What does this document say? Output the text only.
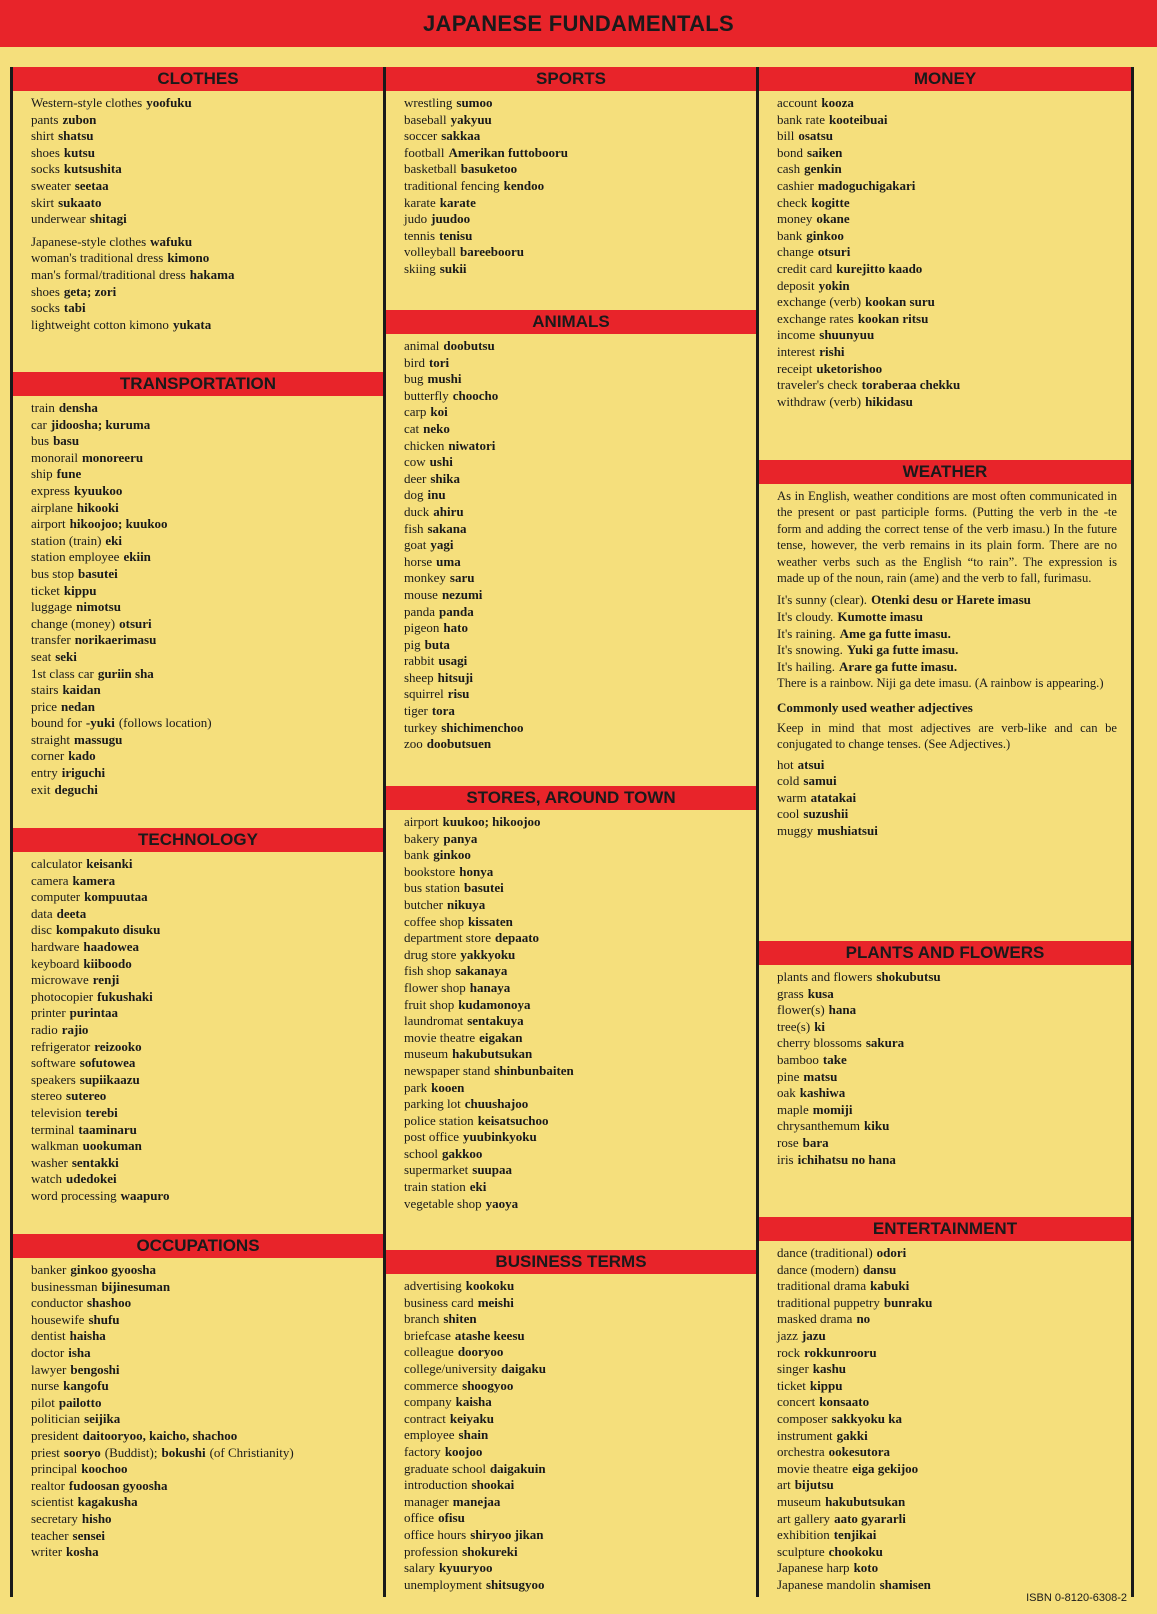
JAPANESE FUNDAMENTALS
CLOTHES
Western-style clothes yoofuku
pants zubon
shirt shatsu
shoes kutsu
socks kutsushita
sweater seetaa
skirt sukaato
underwear shitagi
Japanese-style clothes wafuku
woman's traditional dress kimono
man's formal/traditional dress hakama
shoes geta; zori
socks tabi
lightweight cotton kimono yukata
TRANSPORTATION
train densha
car jidoosha; kuruma
bus basu
monorail monoreeru
ship fune
express kyuukoo
airplane hikooki
airport hikoojoo; kuukoo
station (train) eki
station employee ekiin
bus stop basutei
ticket kippu
luggage nimotsu
change (money) otsuri
transfer norikaerimasu
seat seki
1st class car guriin sha
stairs kaidan
price nedan
bound for -yuki (follows location)
straight massugu
corner kado
entry iriguchi
exit deguchi
TECHNOLOGY
calculator keisanki
camera kamera
computer kompuutaa
data deeta
disc kompakuto disuku
hardware haadowea
keyboard kiiboodo
microwave renji
photocopier fukushaki
printer purintaa
radio rajio
refrigerator reizooko
software sofutowea
speakers supiikaazu
stereo sutereo
television terebi
terminal taaminaru
walkman uookuman
washer sentakki
watch udedokei
word processing waapuro
OCCUPATIONS
banker ginkoo gyoosha
businessman bijinesuman
conductor shashoo
housewife shufu
dentist haisha
doctor isha
lawyer bengoshi
nurse kangofu
pilot pailotto
politician seijika
president daitooryoo, kaicho, shachoo
priest sooryo (Buddist); bokushi (of Christianity)
principal koochoo
realtor fudoosan gyoosha
scientist kagakusha
secretary hisho
teacher sensei
writer kosha
SPORTS
wrestling sumoo
baseball yakyuu
soccer sakkaa
football Amerikan futtobooru
basketball basuketoo
traditional fencing kendoo
karate karate
judo juudoo
tennis tenisu
volleyball bareebooru
skiing sukii
ANIMALS
animal doobutsu
bird tori
bug mushi
butterfly choocho
carp koi
cat neko
chicken niwatori
cow ushi
deer shika
dog inu
duck ahiru
fish sakana
goat yagi
horse uma
monkey saru
mouse nezumi
panda panda
pigeon hato
pig buta
rabbit usagi
sheep hitsuji
squirrel risu
tiger tora
turkey shichimenchoo
zoo doobutsuen
STORES, AROUND TOWN
airport kuukoo; hikoojoo
bakery panya
bank ginkoo
bookstore honya
bus station basutei
butcher nikuya
coffee shop kissaten
department store depaato
drug store yakkyoku
fish shop sakanaya
flower shop hanaya
fruit shop kudamonoya
laundromat sentakuya
movie theatre eigakan
museum hakubutsukan
newspaper stand shinbunbaiten
park kooen
parking lot chuushajoo
police station keisatsuchoo
post office yuubinkyoku
school gakkoo
supermarket suupaa
train station eki
vegetable shop yaoya
BUSINESS TERMS
advertising kookoku
business card meishi
branch shiten
briefcase atashe keesu
colleague dooryoo
college/university daigaku
commerce shoogyoo
company kaisha
contract keiyaku
employee shain
factory koojoo
graduate school daigakuin
introduction shookai
manager manejaa
office ofisu
office hours shiryoo jikan
profession shokureki
salary kyuuryoo
unemployment shitsugyoo
MONEY
account kooza
bank rate kooteibuai
bill osatsu
bond saiken
cash genkin
cashier madoguchigakari
check kogitte
money okane
bank ginkoo
change otsuri
credit card kurejitto kaado
deposit yokin
exchange (verb) kookan suru
exchange rates kookan ritsu
income shuunyuu
interest rishi
receipt uketorishoo
traveler's check toraberaa chekku
withdraw (verb) hikidasu
WEATHER
As in English, weather conditions are most often communicated in the present or past participle forms. (Putting the verb in the -te form and adding the correct tense of the verb imasu.) In the future tense, however, the verb remains in its plain form. There are no weather verbs such as the English “to rain”. The expression is made up of the noun, rain (ame) and the verb to fall, furimasu.
It's sunny (clear). Otenki desu or Harete imasu
It's cloudy. Kumotte imasu
It's raining. Ame ga futte imasu.
It's snowing. Yuki ga futte imasu.
It's hailing. Arare ga futte imasu.
There is a rainbow. Niji ga dete imasu. (A rainbow is appearing.)
Commonly used weather adjectives
Keep in mind that most adjectives are verb-like and can be conjugated to change tenses. (See Adjectives.)
hot atsui
cold samui
warm atatakai
cool suzushii
muggy mushiatsui
PLANTS AND FLOWERS
plants and flowers shokubutsu
grass kusa
flower(s) hana
tree(s) ki
cherry blossoms sakura
bamboo take
pine matsu
oak kashiwa
maple momiji
chrysanthemum kiku
rose bara
iris ichihatsu no hana
ENTERTAINMENT
dance (traditional) odori
dance (modern) dansu
traditional drama kabuki
traditional puppetry bunraku
masked drama no
jazz jazu
rock rokkunrooru
singer kashu
ticket kippu
concert konsaato
composer sakkyoku ka
instrument gakki
orchestra ookesutora
movie theatre eiga gekijoo
art bijutsu
museum hakubutsukan
art gallery aato gyararli
exhibition tenjikai
sculpture chookoku
Japanese harp koto
Japanese mandolin shamisen
ISBN 0-8120-6308-2
